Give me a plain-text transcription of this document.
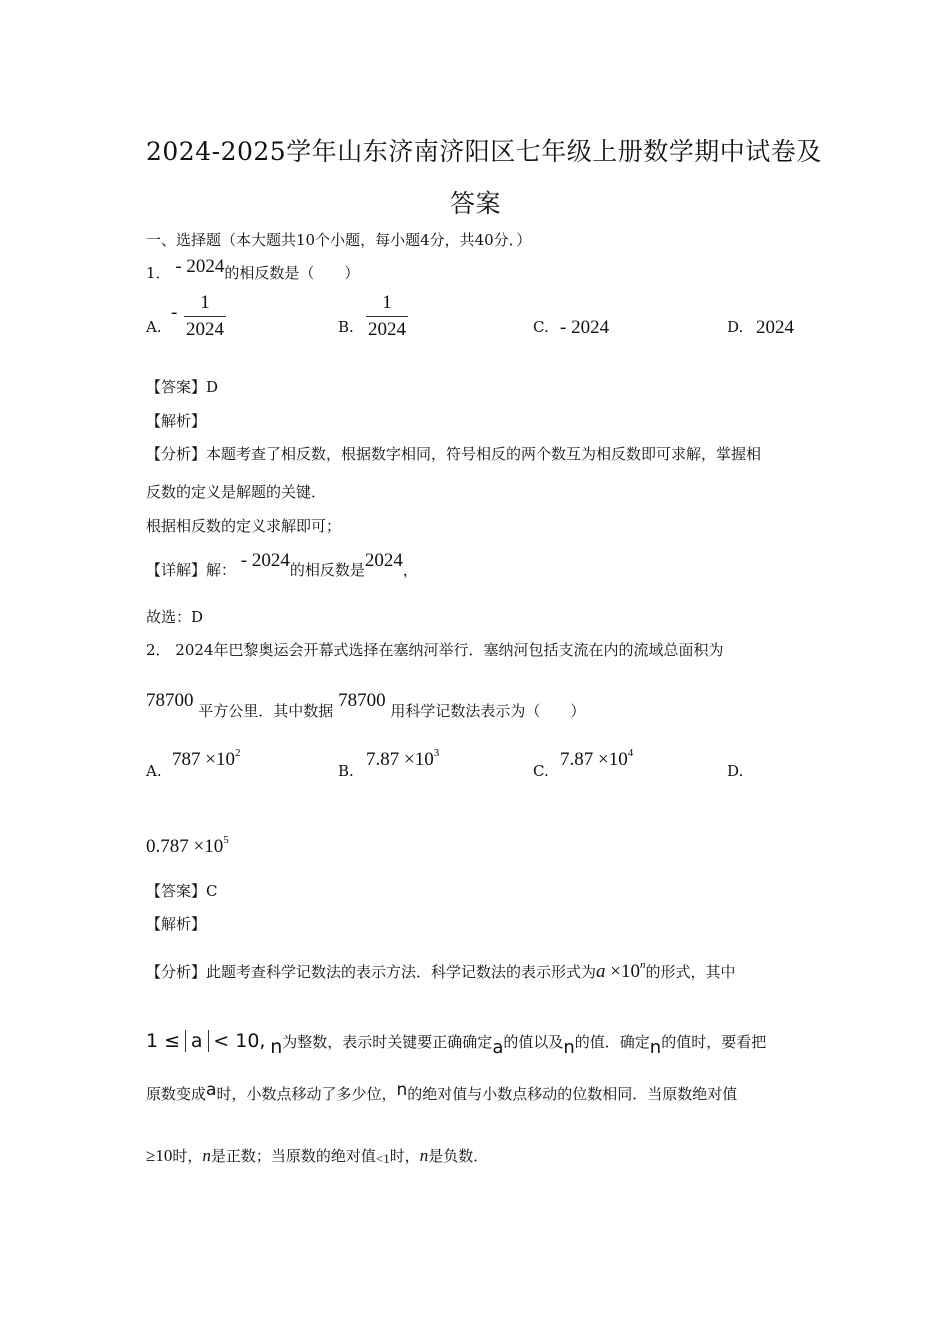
2024-2025学年山东济南济阳区七年级上册数学期中试卷及
答案
一、选择题（本大题共10个小题，每小题4分，共40分．）
1． - 2024的相反数是（　　）
A.
- 1
2024	B.
1
2024	C. - 2024	D. 2024
【答案】D
【解析】
【分析】本题考查了相反数，根据数字相同，符号相反的两个数互为相反数即可求解，掌握相
反数的定义是解题的关键．
根据相反数的定义求解即可；
【详解】解： - 2024的相反数是2024，
故选：D
2． 2024年巴黎奥运会开幕式选择在塞纳河举行．塞纳河包括支流在内的流域总面积为
78700 平方公里．其中数据 78700 用科学记数法表示为（　　）
A.
$787 \times 10^2$
B.
$7.87 \times 10^3$
C.
$7.87 \times 10^4$
D.
$0.787 \times 10^5$
【答案】C
【解析】
【分析】此题考查科学记数法的表示方法．科学记数法的表示形式为$a \times 10^n$的形式，其中
1 ≤ a < 10, n为整数，表示时关键要正确确定a的值以及n的值．确定n的值时，要看把
原数变成a时，小数点移动了多少位，n的绝对值与小数点移动的位数相同．当原数绝对值
≥10时，n是正数；当原数的绝对值<1时，n是负数．
